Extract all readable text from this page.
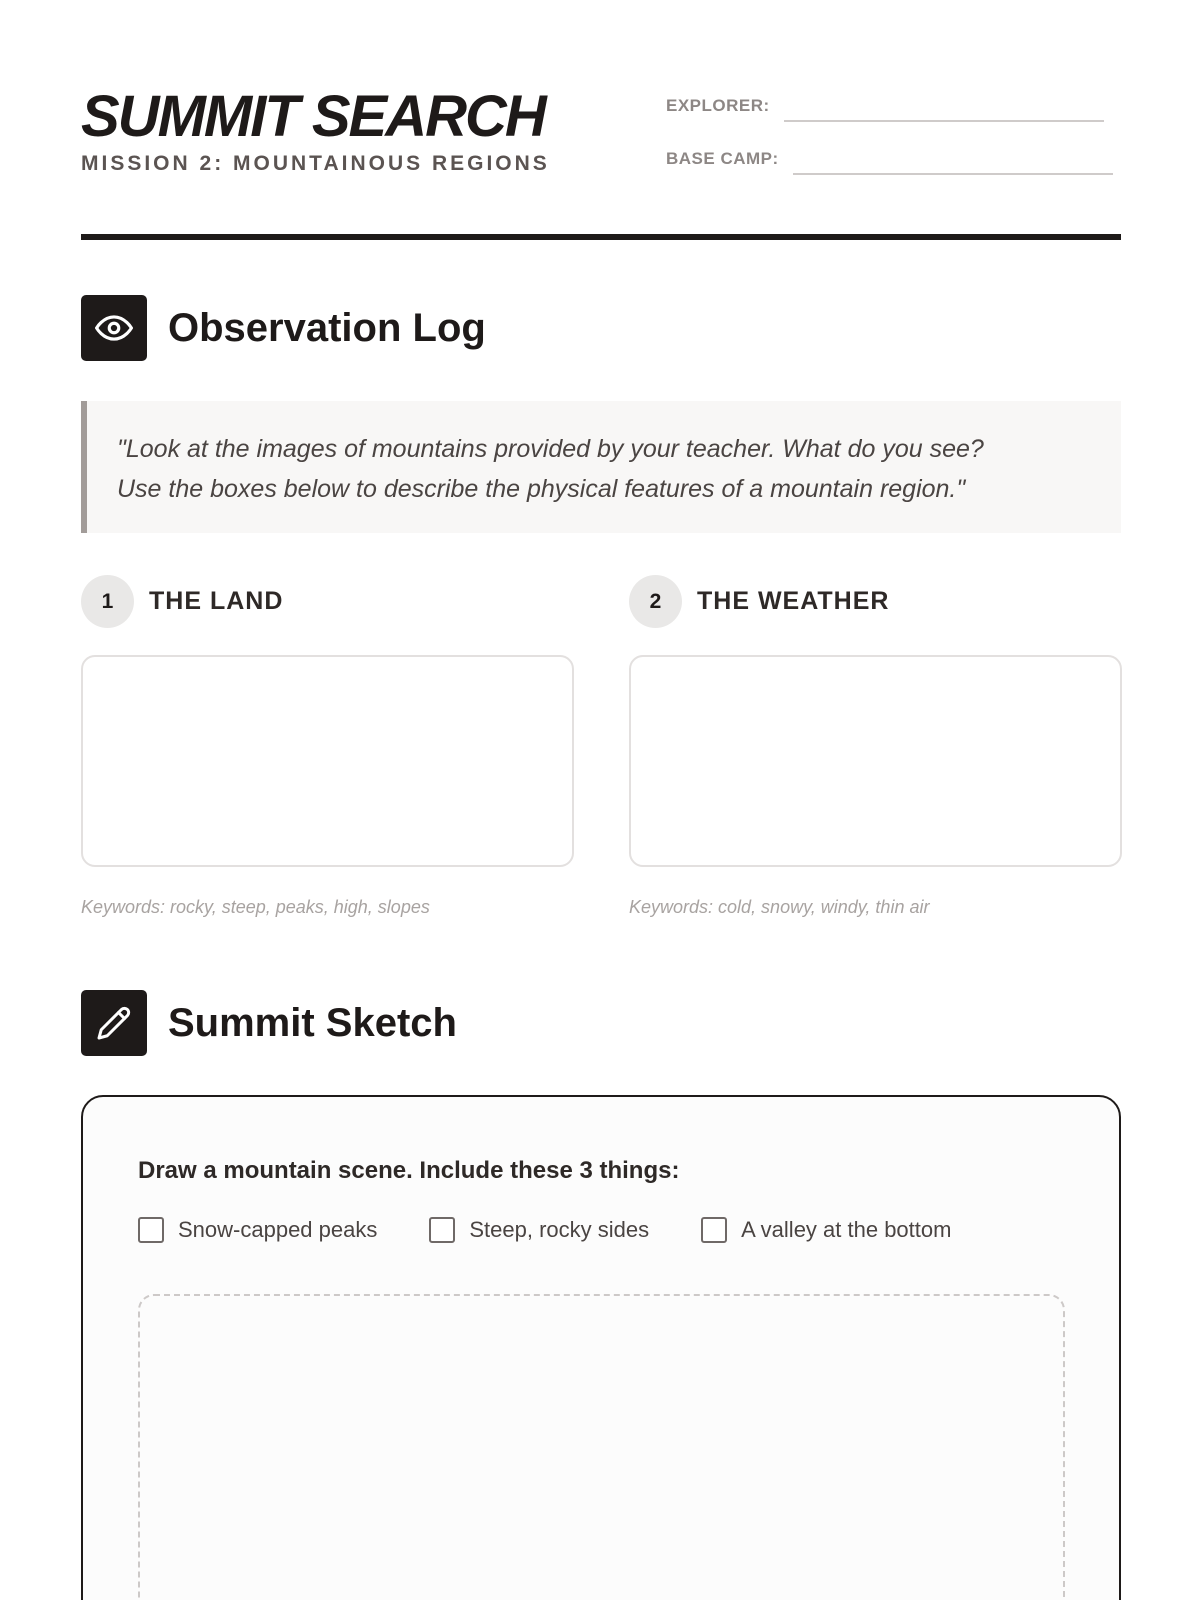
SUMMIT SEARCH
MISSION 2: MOUNTAINOUS REGIONS
EXPLORER:
BASE CAMP:
Observation Log

"Look at the images of mountains provided by your teacher. What do you see?

Use the boxes below to describe the physical features of a mountain region."

1	THE LAND	2	THE WEATHER
Keywords: rocky, steep, peaks, high, slopes	Keywords: cold, snowy, windy, thin air
Summit Sketch
Draw a mountain scene. Include these 3 things:
Snow-capped peaks	Steep, rocky sides	A valley at the bottom
